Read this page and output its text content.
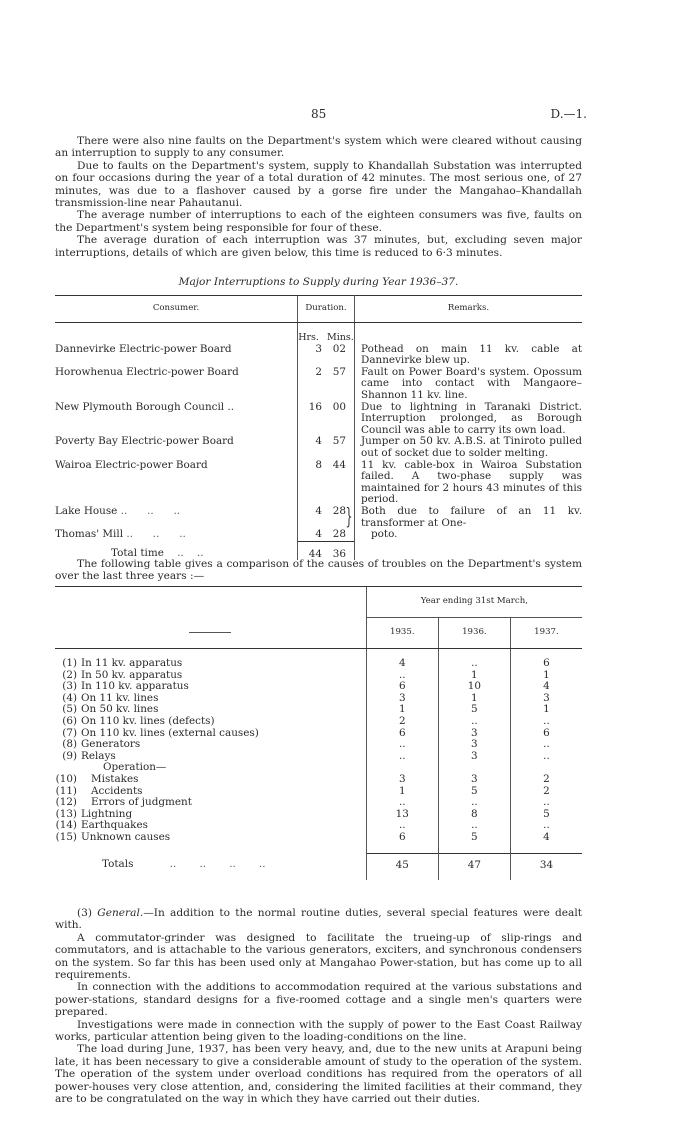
85	D.—1.

There were also nine faults on the Department's system which were cleared without causing an interruption to supply to any consumer.

Due to faults on the Department's system, supply to Khandallah Substation was interrupted on four occasions during the year of a total duration of 42 minutes. The most serious one, of 27 minutes, was due to a flashover caused by a gorse fire under the Mangahao–Khandallah transmission-line near Pahautanui.

The average number of interruptions to each of the eighteen consumers was five, faults on the Department's system being responsible for four of these.

The average duration of each interruption was 37 minutes, but, excluding seven major interruptions, details of which are given below, this time is reduced to 6·3 minutes.

Major Interruptions to Supply during Year 1936–37.
Consumer.	Duration.	Remarks.

	Hrs. Mins.	

Dannevirke Electric-power Board	3 02	Pothead on main 11 kv. cable at Dannevirke blew up.
Horowhenua Electric-power Board	2 57	Fault on Power Board's system. Opossum came into contact with Mangaore–Shannon 11 kv. line.
New Plymouth Borough Council ..	16 00	Due to lightning in Taranaki District. Interruption prolonged, as Borough Council was able to carry its own load.
Poverty Bay Electric-power Board	4 57	Jumper on 50 kv. A.B.S. at Tiniroto pulled out of socket due to solder melting.
Wairoa Electric-power Board	8 44	11 kv. cable-box in Wairoa Substation failed. A two-phase supply was maintained for 2 hours 43 minutes of this period.
Lake House ..      ..      ..	4 28 }	Both due to failure of an 11 kv. transformer at One-
Thomas' Mill ..      ..      ..	4 28	poto.
Total time    ..    ..	44 36	

The following table gives a comparison of the causes of troubles on the Department's system over the last three years :—

	Year ending 31st March,		

	1935.	1936.	1937.

(1) In 11 kv. apparatus	4	..	6
(2) In 50 kv. apparatus	..	1	1
(3) In 110 kv. apparatus	6	10	4
(4) On 11 kv. lines	3	1	3
(5) On 50 kv. lines	1	5	1
(6) On 110 kv. lines (defects)	2	..	..
(7) On 110 kv. lines (external causes)	6	3	6
(8) Generators	..	3	..
(9) Relays	..	3	..
Operation—			
(10) Mistakes	3	3	2
(11) Accidents	1	5	2
(12) Errors of judgment	..	..	..
(13) Lightning	13	8	5
(14) Earthquakes	..	..	..
(15) Unknown causes	6	5	4

Totals           ..       ..       ..       ..	45	47	34

(3) General.—In addition to the normal routine duties, several special features were dealt with.

A commutator-grinder was designed to facilitate the trueing-up of slip-rings and commutators, and is attachable to the various generators, exciters, and synchronous condensers on the system. So far this has been used only at Mangahao Power-station, but has come up to all requirements.

In connection with the additions to accommodation required at the various substations and power-stations, standard designs for a five-roomed cottage and a single men's quarters were prepared.

Investigations were made in connection with the supply of power to the East Coast Railway works, particular attention being given to the loading-conditions on the line.

The load during June, 1937, has been very heavy, and, due to the new units at Arapuni being late, it has been necessary to give a considerable amount of study to the operation of the system. The operation of the system under overload conditions has required from the operators of all power-houses very close attention, and, considering the limited facilities at their command, they are to be congratulated on the way in which they have carried out their duties.
